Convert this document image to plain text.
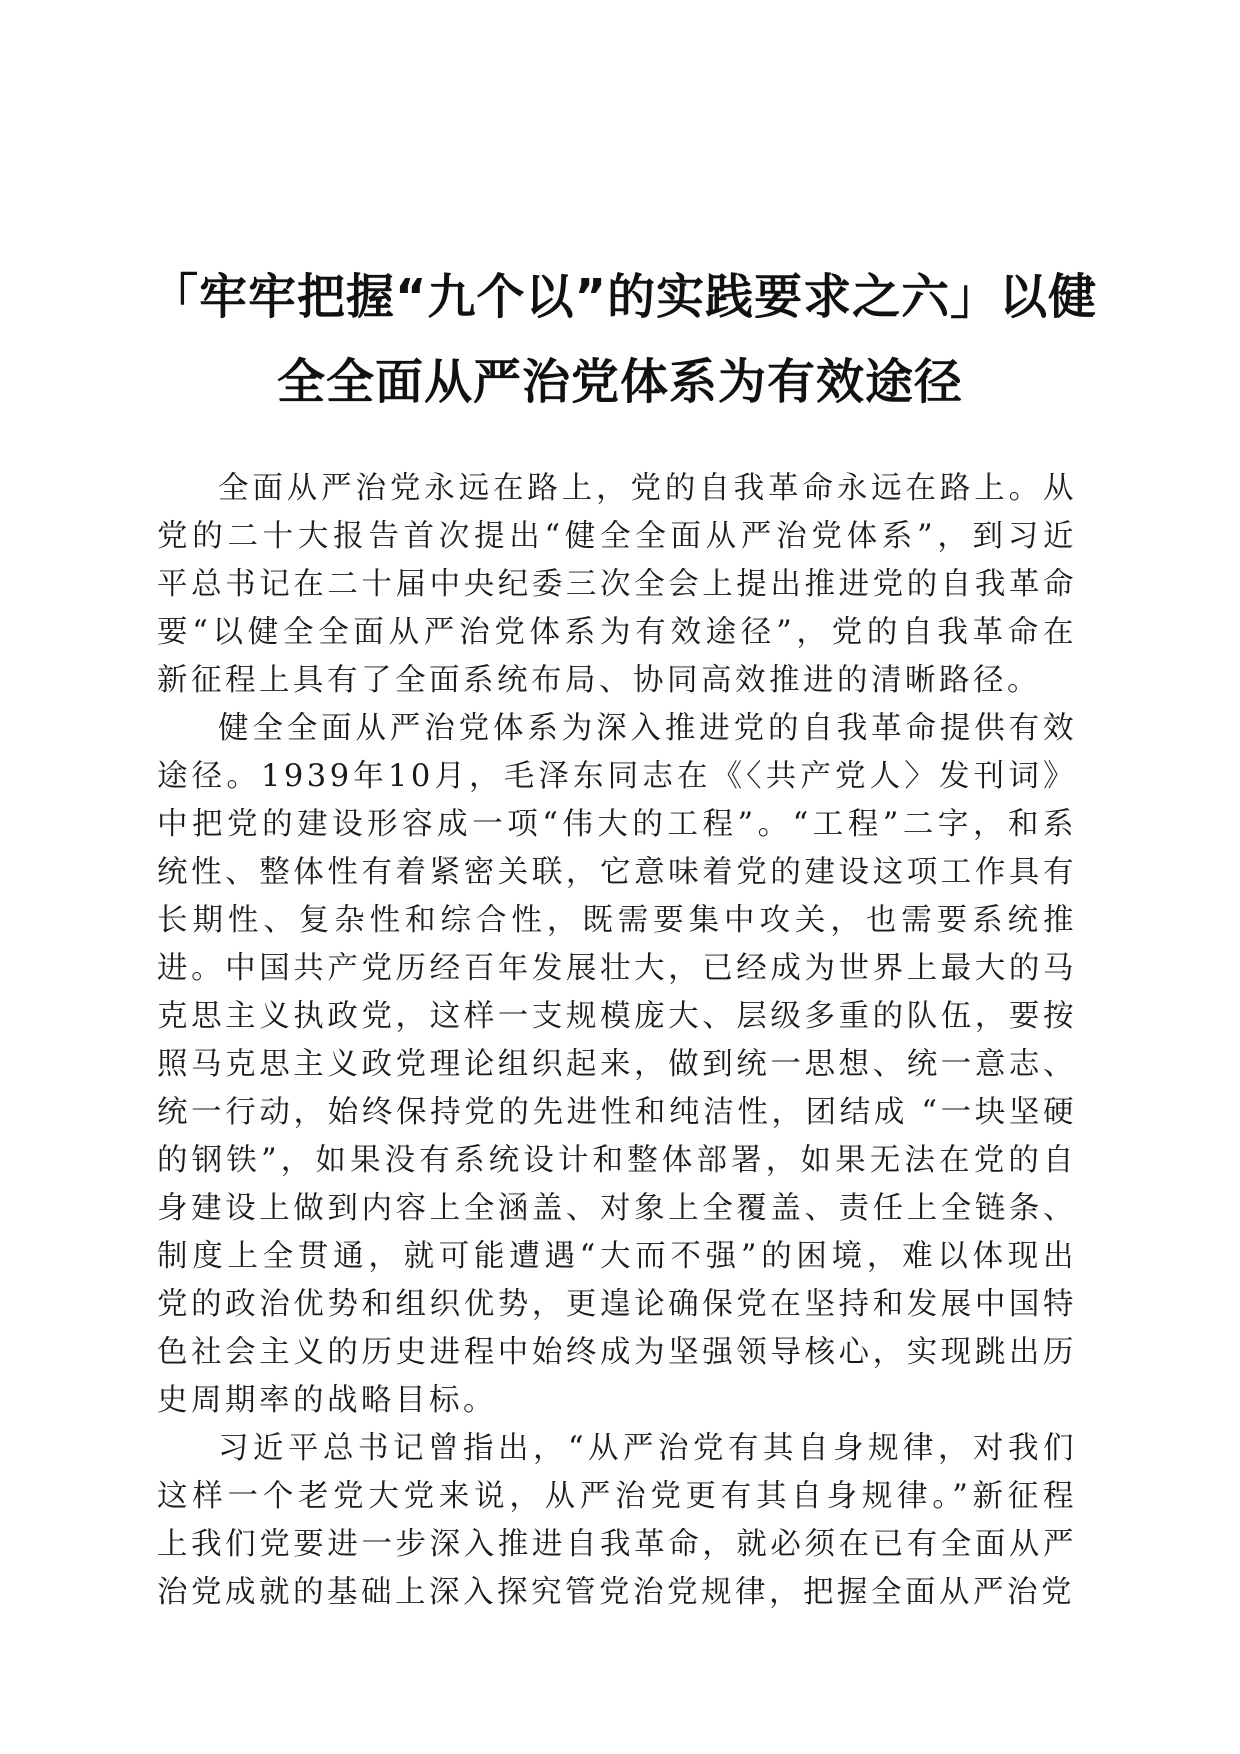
「牢牢把握“九个以”的实践要求之六」以健
全全面从严治党体系为有效途径

全面从严治党永远在路上，党的自我革命永远在路上。从党的二十大报告首次提出“健全全面从严治党体系”，到习近平总书记在二十届中央纪委三次全会上提出推进党的自我革命要“以健全全面从严治党体系为有效途径”，党的自我革命在新征程上具有了全面系统布局、协同高效推进的清晰路径。

健全全面从严治党体系为深入推进党的自我革命提供有效途径。1939年10月，毛泽东同志在《〈共产党人〉发刊词》中把党的建设形容成一项“伟大的工程”。“工程”二字，和系统性、整体性有着紧密关联，它意味着党的建设这项工作具有长期性、复杂性和综合性，既需要集中攻关，也需要系统推进。中国共产党历经百年发展壮大，已经成为世界上最大的马克思主义执政党，这样一支规模庞大、层级多重的队伍，要按照马克思主义政党理论组织起来，做到统一思想、统一意志、统一行动，始终保持党的先进性和纯洁性，团结成 “一块坚硬的钢铁”，如果没有系统设计和整体部署，如果无法在党的自身建设上做到内容上全涵盖、对象上全覆盖、责任上全链条、制度上全贯通，就可能遭遇“大而不强”的困境，难以体现出党的政治优势和组织优势，更遑论确保党在坚持和发展中国特色社会主义的历史进程中始终成为坚强领导核心，实现跳出历史周期率的战略目标。

习近平总书记曾指出，“从严治党有其自身规律，对我们这样一个老党大党来说，从严治党更有其自身规律。”新征程上我们党要进一步深入推进自我革命，就必须在已有全面从严治党成就的基础上深入探究管党治党规律，把握全面从严治党
